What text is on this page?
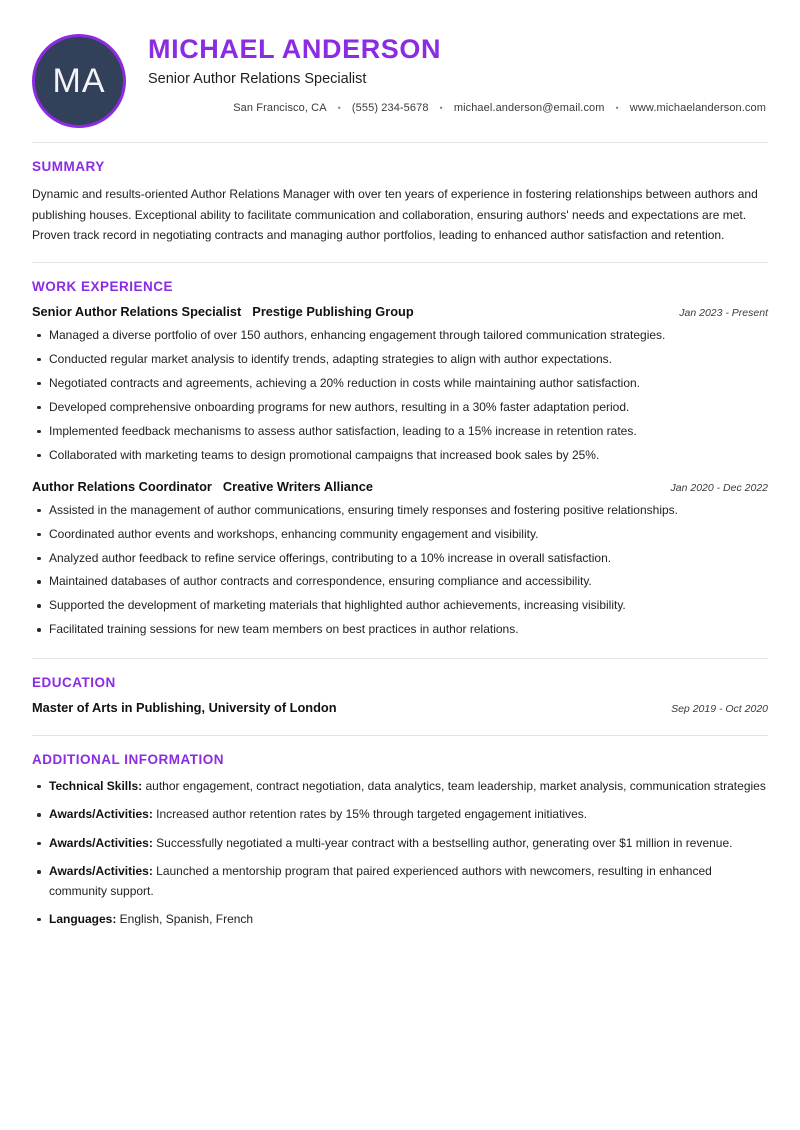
MA
MICHAEL ANDERSON
Senior Author Relations Specialist
San Francisco, CA	•	(555) 234-5678	•	michael.anderson@email.com	•	www.michaelanderson.com
SUMMARY

Dynamic and results-oriented Author Relations Manager with over ten years of experience in fostering relationships between authors and publishing houses. Exceptional ability to facilitate communication and collaboration, ensuring authors' needs and expectations are met. Proven track record in negotiating contracts and managing author portfolios, leading to enhanced author satisfaction and retention.

WORK EXPERIENCE
Senior Author Relations Specialist Prestige Publishing Group	Jan 2023 - Present
Managed a diverse portfolio of over 150 authors, enhancing engagement through tailored communication strategies.
Conducted regular market analysis to identify trends, adapting strategies to align with author expectations.
Negotiated contracts and agreements, achieving a 20% reduction in costs while maintaining author satisfaction.
Developed comprehensive onboarding programs for new authors, resulting in a 30% faster adaptation period.
Implemented feedback mechanisms to assess author satisfaction, leading to a 15% increase in retention rates.
Collaborated with marketing teams to design promotional campaigns that increased book sales by 25%.
Author Relations Coordinator Creative Writers Alliance	Jan 2020 - Dec 2022
Assisted in the management of author communications, ensuring timely responses and fostering positive relationships.
Coordinated author events and workshops, enhancing community engagement and visibility.
Analyzed author feedback to refine service offerings, contributing to a 10% increase in overall satisfaction.
Maintained databases of author contracts and correspondence, ensuring compliance and accessibility.
Supported the development of marketing materials that highlighted author achievements, increasing visibility.
Facilitated training sessions for new team members on best practices in author relations.
EDUCATION
Master of Arts in Publishing, University of London	Sep 2019 - Oct 2020
ADDITIONAL INFORMATION
Technical Skills: author engagement, contract negotiation, data analytics, team leadership, market analysis, communication strategies
Awards/Activities: Increased author retention rates by 15% through targeted engagement initiatives.
Awards/Activities: Successfully negotiated a multi-year contract with a bestselling author, generating over $1 million in revenue.
Awards/Activities: Launched a mentorship program that paired experienced authors with newcomers, resulting in enhanced community support.
Languages: English, Spanish, French
